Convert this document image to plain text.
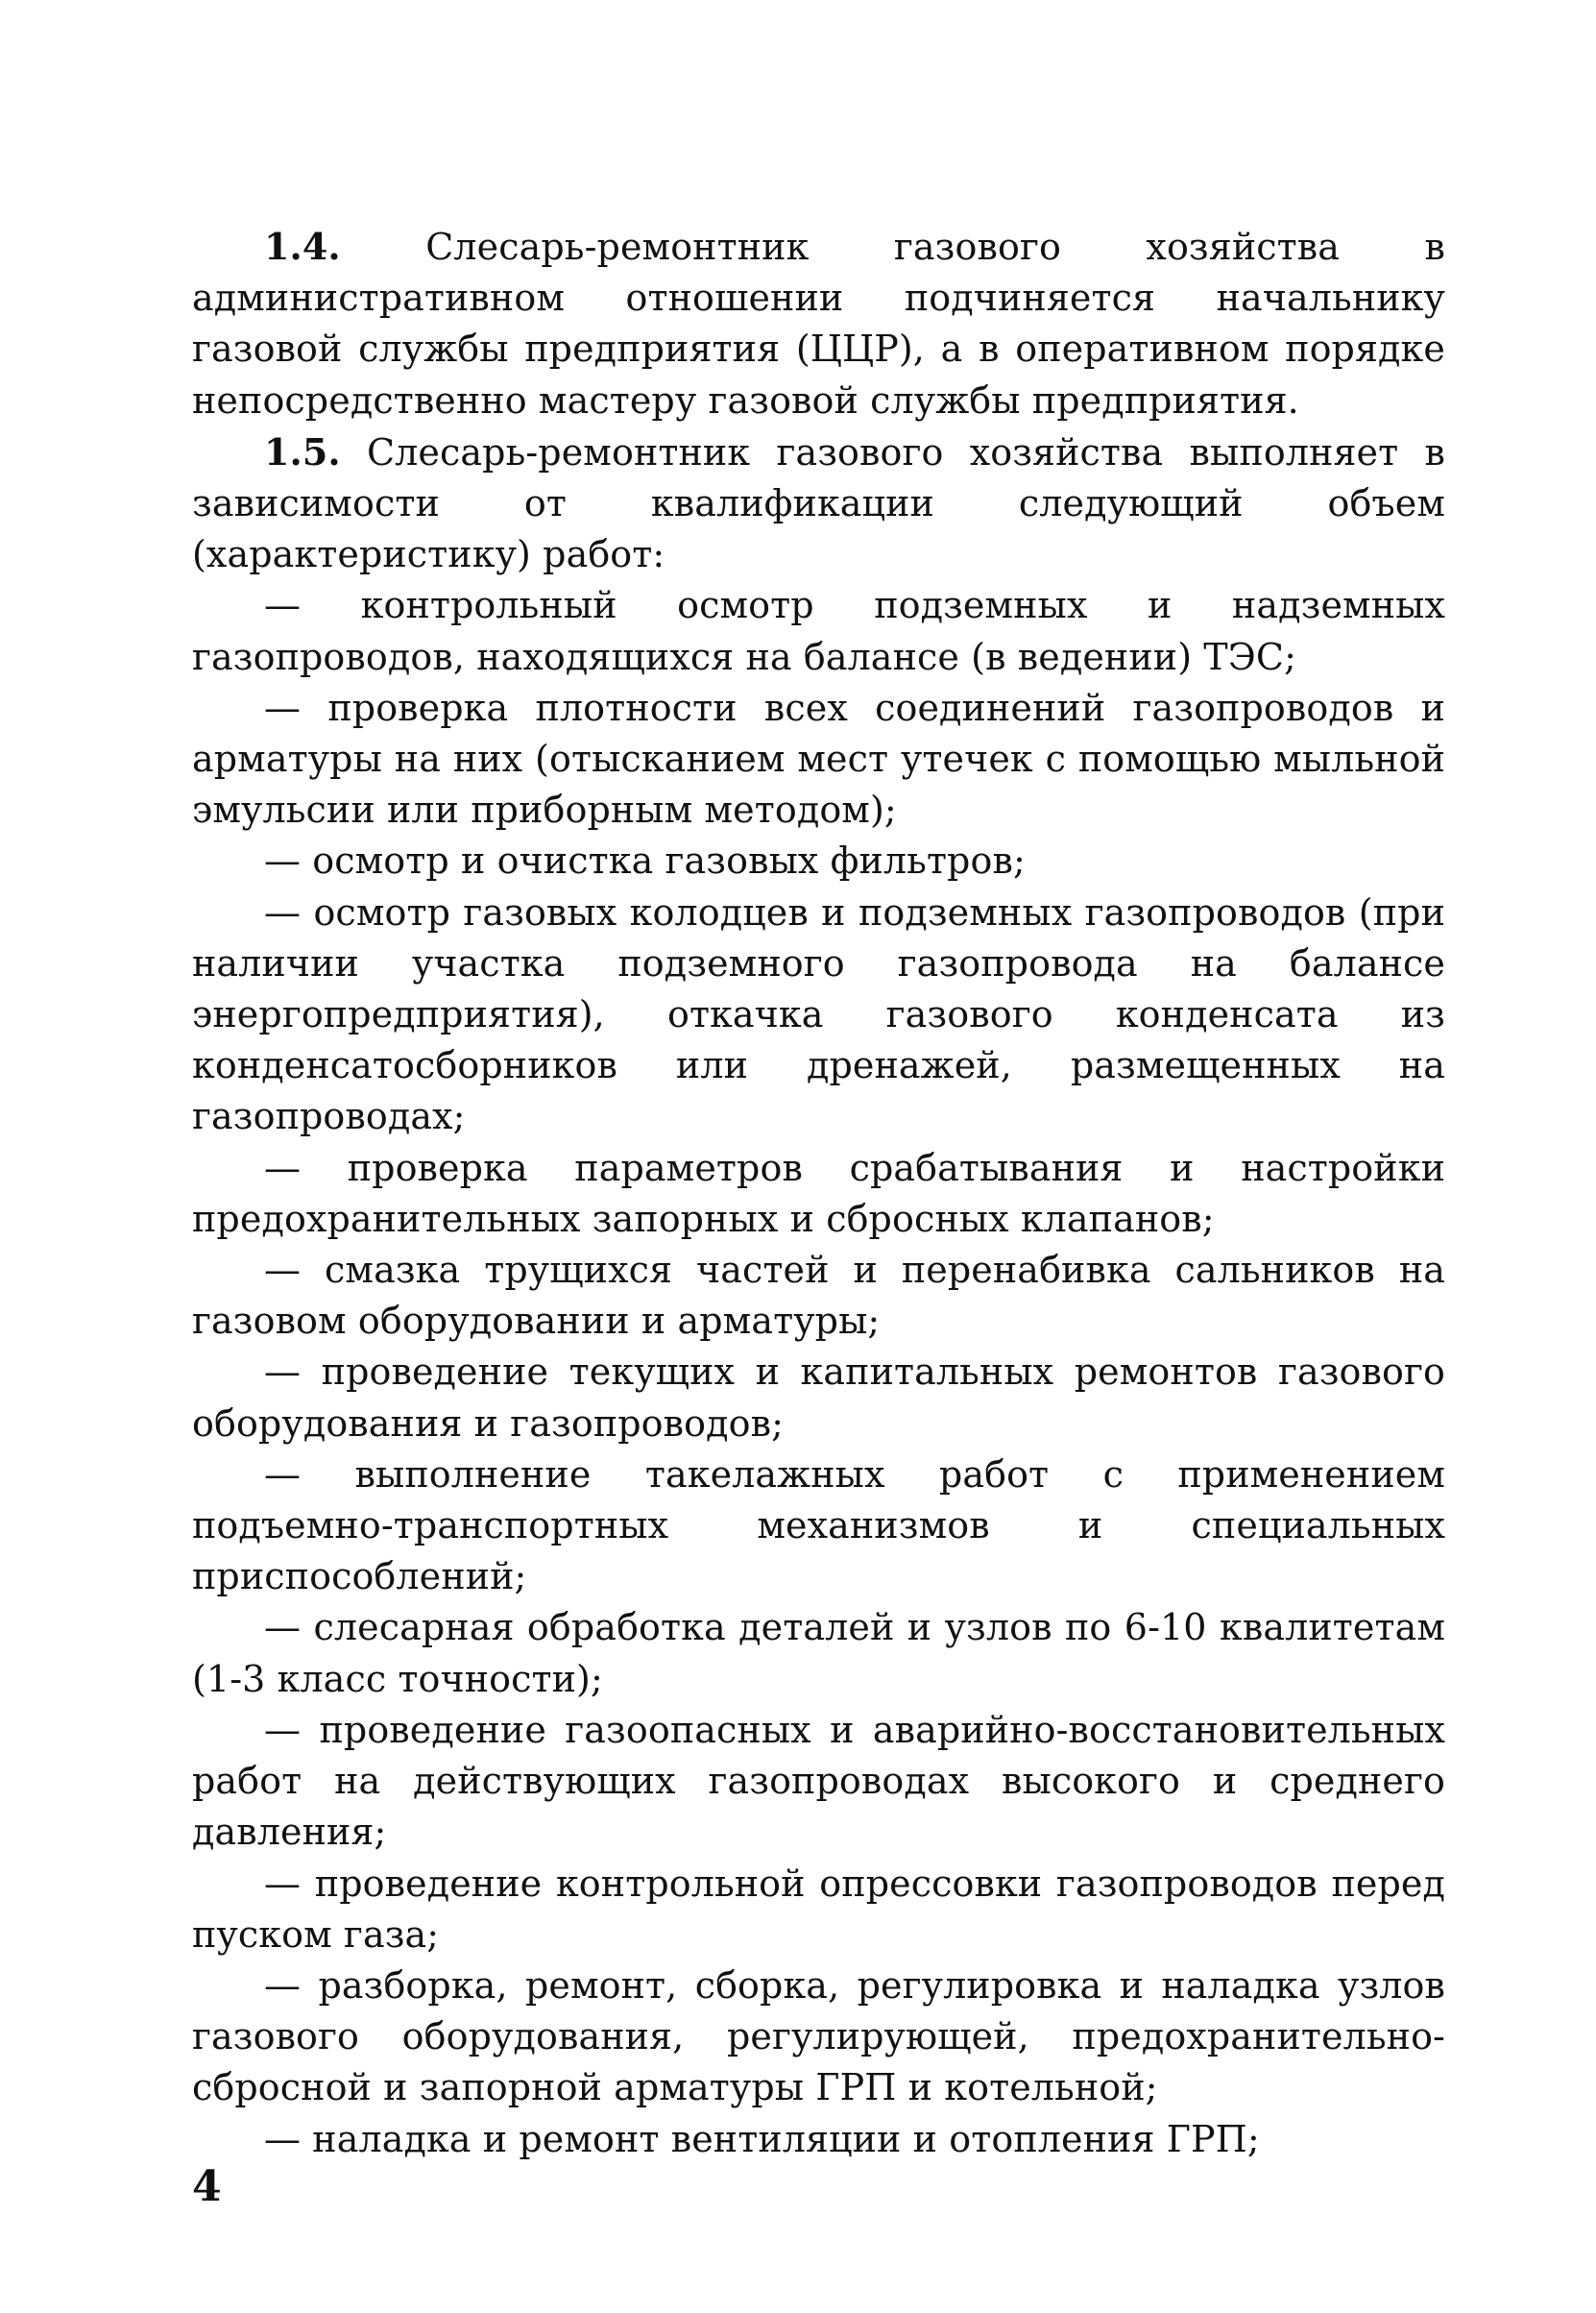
1.4. Слесарь-ремонтник газового хозяйства в административном отношении подчиняется начальнику газовой службы предприятия (ЦЦР), а в оперативном порядке непосредственно мастеру газовой службы предприятия.

1.5. Слесарь-ремонтник газового хозяйства выполняет в зависимости от квалификации следующий объем (характеристику) работ:

— контрольный осмотр подземных и надземных газопроводов, находящихся на балансе (в ведении) ТЭС;

— проверка плотности всех соединений газопроводов и арматуры на них (отысканием мест утечек с помощью мыльной эмульсии или приборным методом);

— осмотр и очистка газовых фильтров;

— осмотр газовых колодцев и подземных газопроводов (при наличии участка подземного газопровода на балансе энергопредприятия), откачка газового конденсата из конденсатосборников или дренажей, размещенных на газопроводах;

— проверка параметров срабатывания и настройки предохранительных запорных и сбросных клапанов;

— смазка трущихся частей и перенабивка сальников на газовом оборудовании и арматуры;

— проведение текущих и капитальных ремонтов газового оборудования и газопроводов;

— выполнение такелажных работ с применением подъемно-транспортных механизмов и специальных приспособлений;

— слесарная обработка деталей и узлов по 6-10 квалитетам (1-3 класс точности);

— проведение газоопасных и аварийно-восстановительных работ на действующих газопроводах высокого и среднего давления;

— проведение контрольной опрессовки газопроводов перед пуском газа;

— разборка, ремонт, сборка, регулировка и наладка узлов газового оборудования, регулирующей, предохранительно-сбросной и запорной арматуры ГРП и котельной;

— наладка и ремонт вентиляции и отопления ГРП;

4
